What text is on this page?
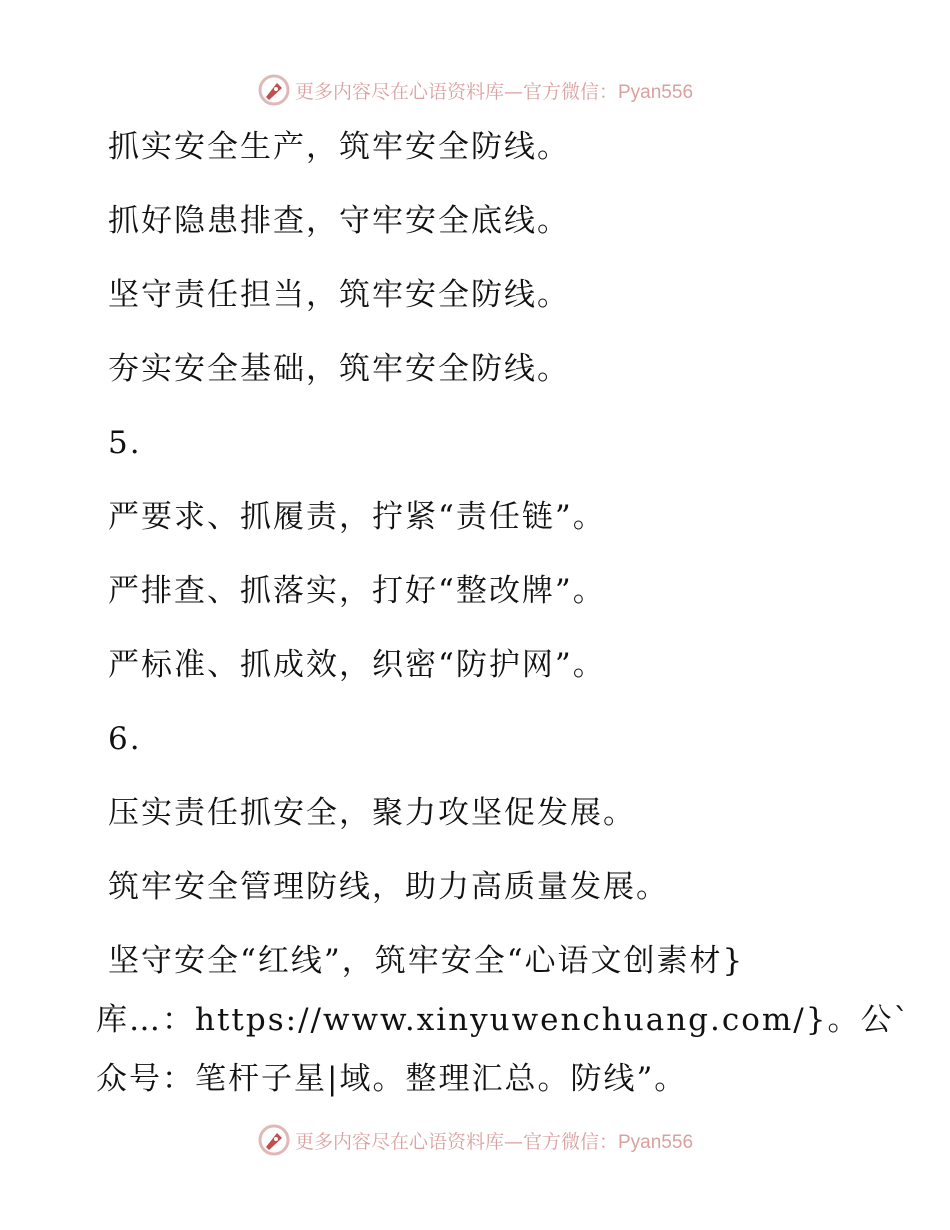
更多内容尽在心语资料库—官方微信：Pyan556
抓实安全生产，筑牢安全防线。
抓好隐患排查，守牢安全底线。
坚守责任担当，筑牢安全防线。
夯实安全基础，筑牢安全防线。
5.
严要求、抓履责，拧紧“责任链”。
严排查、抓落实，打好“整改牌”。
严标准、抓成效，织密“防护网”。
6.
压实责任抓安全，聚力攻坚促发展。
筑牢安全管理防线，助力高质量发展。
坚守安全“红线”，筑牢安全“心语文创素材}
库…：https://www.xinyuwenchuang.com/}。公`
众号：笔杆子星|域。整理汇总。防线”。
更多内容尽在心语资料库—官方微信：Pyan556
